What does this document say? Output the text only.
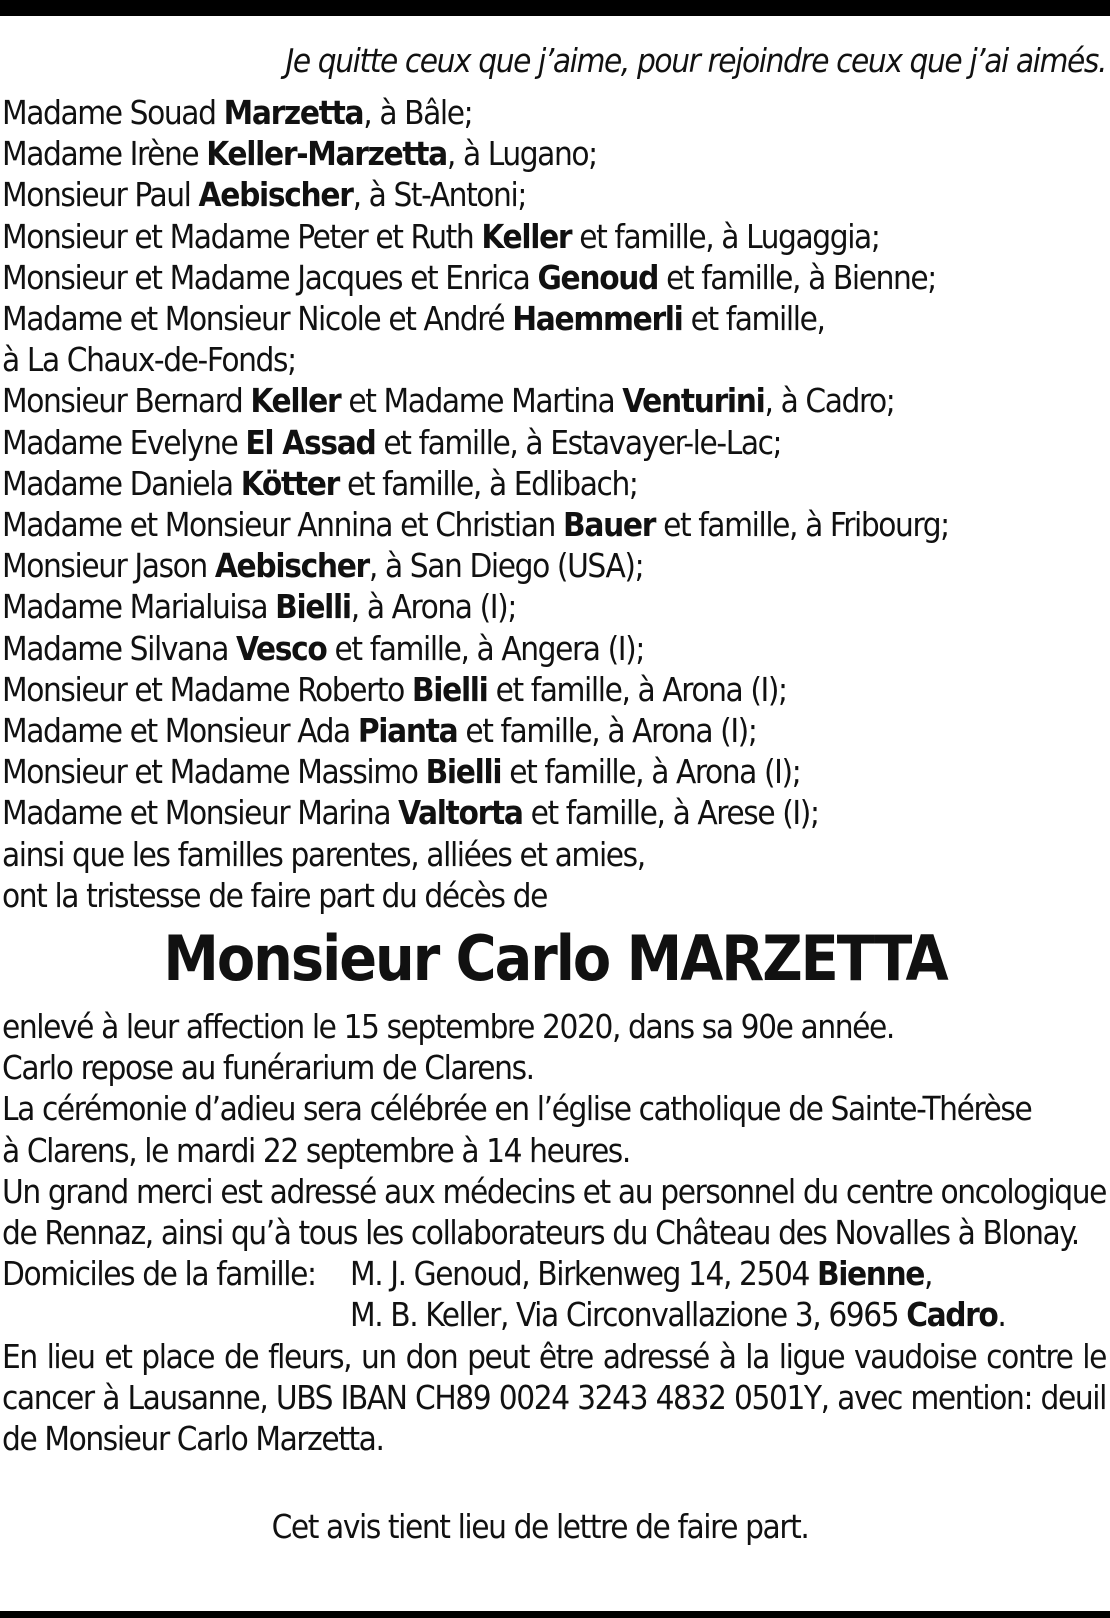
Je quitte ceux que j’aime, pour rejoindre ceux que j’ai aimés.
Madame Souad Marzetta, à Bâle;
Madame Irène Keller-Marzetta, à Lugano;
Monsieur Paul Aebischer, à St-Antoni;
Monsieur et Madame Peter et Ruth Keller et famille, à Lugaggia;
Monsieur et Madame Jacques et Enrica Genoud et famille, à Bienne;
Madame et Monsieur Nicole et André Haemmerli et famille,
à La Chaux-de-Fonds;
Monsieur Bernard Keller et Madame Martina Venturini, à Cadro;
Madame Evelyne El Assad et famille, à Estavayer-le-Lac;
Madame Daniela Kötter et famille, à Edlibach;
Madame et Monsieur Annina et Christian Bauer et famille, à Fribourg;
Monsieur Jason Aebischer, à San Diego (USA);
Madame Marialuisa Bielli, à Arona (I);
Madame Silvana Vesco et famille, à Angera (I);
Monsieur et Madame Roberto Bielli et famille, à Arona (I);
Madame et Monsieur Ada Pianta et famille, à Arona (I);
Monsieur et Madame Massimo Bielli et famille, à Arona (I);
Madame et Monsieur Marina Valtorta et famille, à Arese (I);
ainsi que les familles parentes, alliées et amies,
ont la tristesse de faire part du décès de
Monsieur Carlo MARZETTA
enlevé à leur affection le 15 septembre 2020, dans sa 90e année.
Carlo repose au funérarium de Clarens.
La cérémonie d’adieu sera célébrée en l’église catholique de Sainte-Thérèse
à Clarens, le mardi 22 septembre à 14 heures.
Un grand merci est adressé aux médecins et au personnel du centre oncologique de Rennaz, ainsi qu’à tous les collaborateurs du Château des Novalles à Blonay.
Domiciles de la famille:	M. J. Genoud, Birkenweg 14, 2504 Bienne,
M. B. Keller, Via Circonvallazione 3, 6965 Cadro.
En lieu et place de fleurs, un don peut être adressé à la ligue vaudoise contre le cancer à Lausanne, UBS IBAN CH89 0024 3243 4832 0501Y, avec mention: deuil de Monsieur Carlo Marzetta.
Cet avis tient lieu de lettre de faire part.
